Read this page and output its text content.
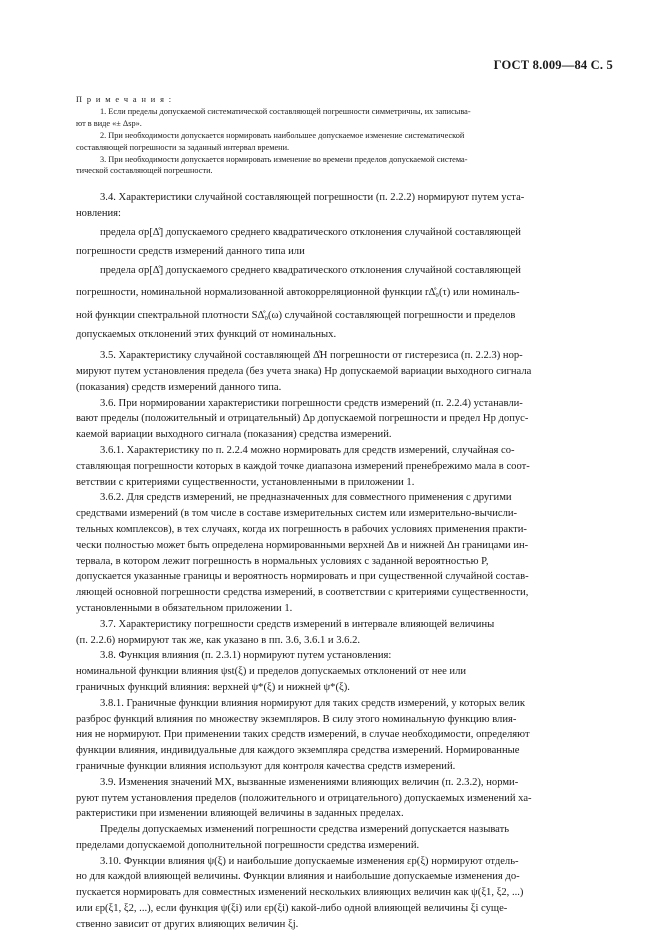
ГОСТ 8.009—84 С. 5
П р и м е ч а н и я :

1. Если пределы допускаемой систематической составляющей погрешности симметричны, их записыва-

ют в виде «± Δsp».

2. При необходимости допускается нормировать наибольшее допускаемое изменение систематической

составляющей погрешности за заданный интервал времени.

3. При необходимости допускается нормировать изменение во времени пределов допускаемой система-

тической составляющей погрешности.

3.4. Характеристики случайной составляющей погрешности (п. 2.2.2) нормируют путем уста-

новления:

предела σp[Δ̊] допускаемого среднего квадратического отклонения случайной составляющей

погрешности средств измерений данного типа или

предела σp[Δ̊] допускаемого среднего квадратического отклонения случайной составляющей

погрешности, номинальной нормализованной автокорреляционной функции rΔ̊₀(τ) или номиналь-

ной функции спектральной плотности SΔ̊₀(ω) случайной составляющей погрешности и пределов

допускаемых отклонений этих функций от номинальных.

3.5. Характеристику случайной составляющей Δ̊H погрешности от гистерезиса (п. 2.2.3) нор-

мируют путем установления предела (без учета знака) Hp допускаемой вариации выходного сигнала

(показания) средств измерений данного типа.

3.6. При нормировании характеристики погрешности средств измерений (п. 2.2.4) устанавли-

вают пределы (положительный и отрицательный) Δp допускаемой погрешности и предел Hp допус-

каемой вариации выходного сигнала (показания) средства измерений.

3.6.1. Характеристику по п. 2.2.4 можно нормировать для средств измерений, случайная со-

ставляющая погрешности которых в каждой точке диапазона измерений пренебрежимо мала в соот-

ветствии с критериями существенности, установленными в приложении 1.

3.6.2. Для средств измерений, не предназначенных для совместного применения с другими

средствами измерений (в том числе в составе измерительных систем или измерительно-вычисли-

тельных комплексов), в тех случаях, когда их погрешность в рабочих условиях применения практи-

чески полностью может быть определена нормированными верхней Δв и нижней Δн границами ин-

тервала, в котором лежит погрешность в нормальных условиях с заданной вероятностью P,

допускается указанные границы и вероятность нормировать и при существенной случайной состав-

ляющей основной погрешности средства измерений, в соответствии с критериями существенности,

установленными в обязательном приложении 1.

3.7. Характеристику погрешности средств измерений в интервале влияющей величины

(п. 2.2.6) нормируют так же, как указано в пп. 3.6, 3.6.1 и 3.6.2.

3.8. Функция влияния (п. 2.3.1) нормируют путем установления:

номинальной функции влияния ψst(ξ) и пределов допускаемых отклонений от нее или

граничных функций влияния: верхней ψ*(ξ) и нижней ψ*(ξ).

3.8.1. Граничные функции влияния нормируют для таких средств измерений, у которых велик

разброс функций влияния по множеству экземпляров. В силу этого номинальную функцию влия-

ния не нормируют. При применении таких средств измерений, в случае необходимости, определяют

функции влияния, индивидуальные для каждого экземпляра средства измерений. Нормированные

граничные функции влияния используют для контроля качества средств измерений.

3.9. Изменения значений МХ, вызванные изменениями влияющих величин (п. 2.3.2), норми-

руют путем установления пределов (положительного и отрицательного) допускаемых изменений ха-

рактеристики при изменении влияющей величины в заданных пределах.

Пределы допускаемых изменений погрешности средства измерений допускается называть

пределами допускаемой дополнительной погрешности средства измерений.

3.10. Функции влияния ψ(ξ) и наибольшие допускаемые изменения εp(ξ) нормируют отдель-

но для каждой влияющей величины. Функции влияния и наибольшие допускаемые изменения до-

пускается нормировать для совместных изменений нескольких влияющих величин как ψ(ξ1, ξ2, ...)

или εp(ξ1, ξ2, ...), если функция ψ(ξi) или εp(ξi) какой-либо одной влияющей величины ξi суще-

ственно зависит от других влияющих величин ξj.
